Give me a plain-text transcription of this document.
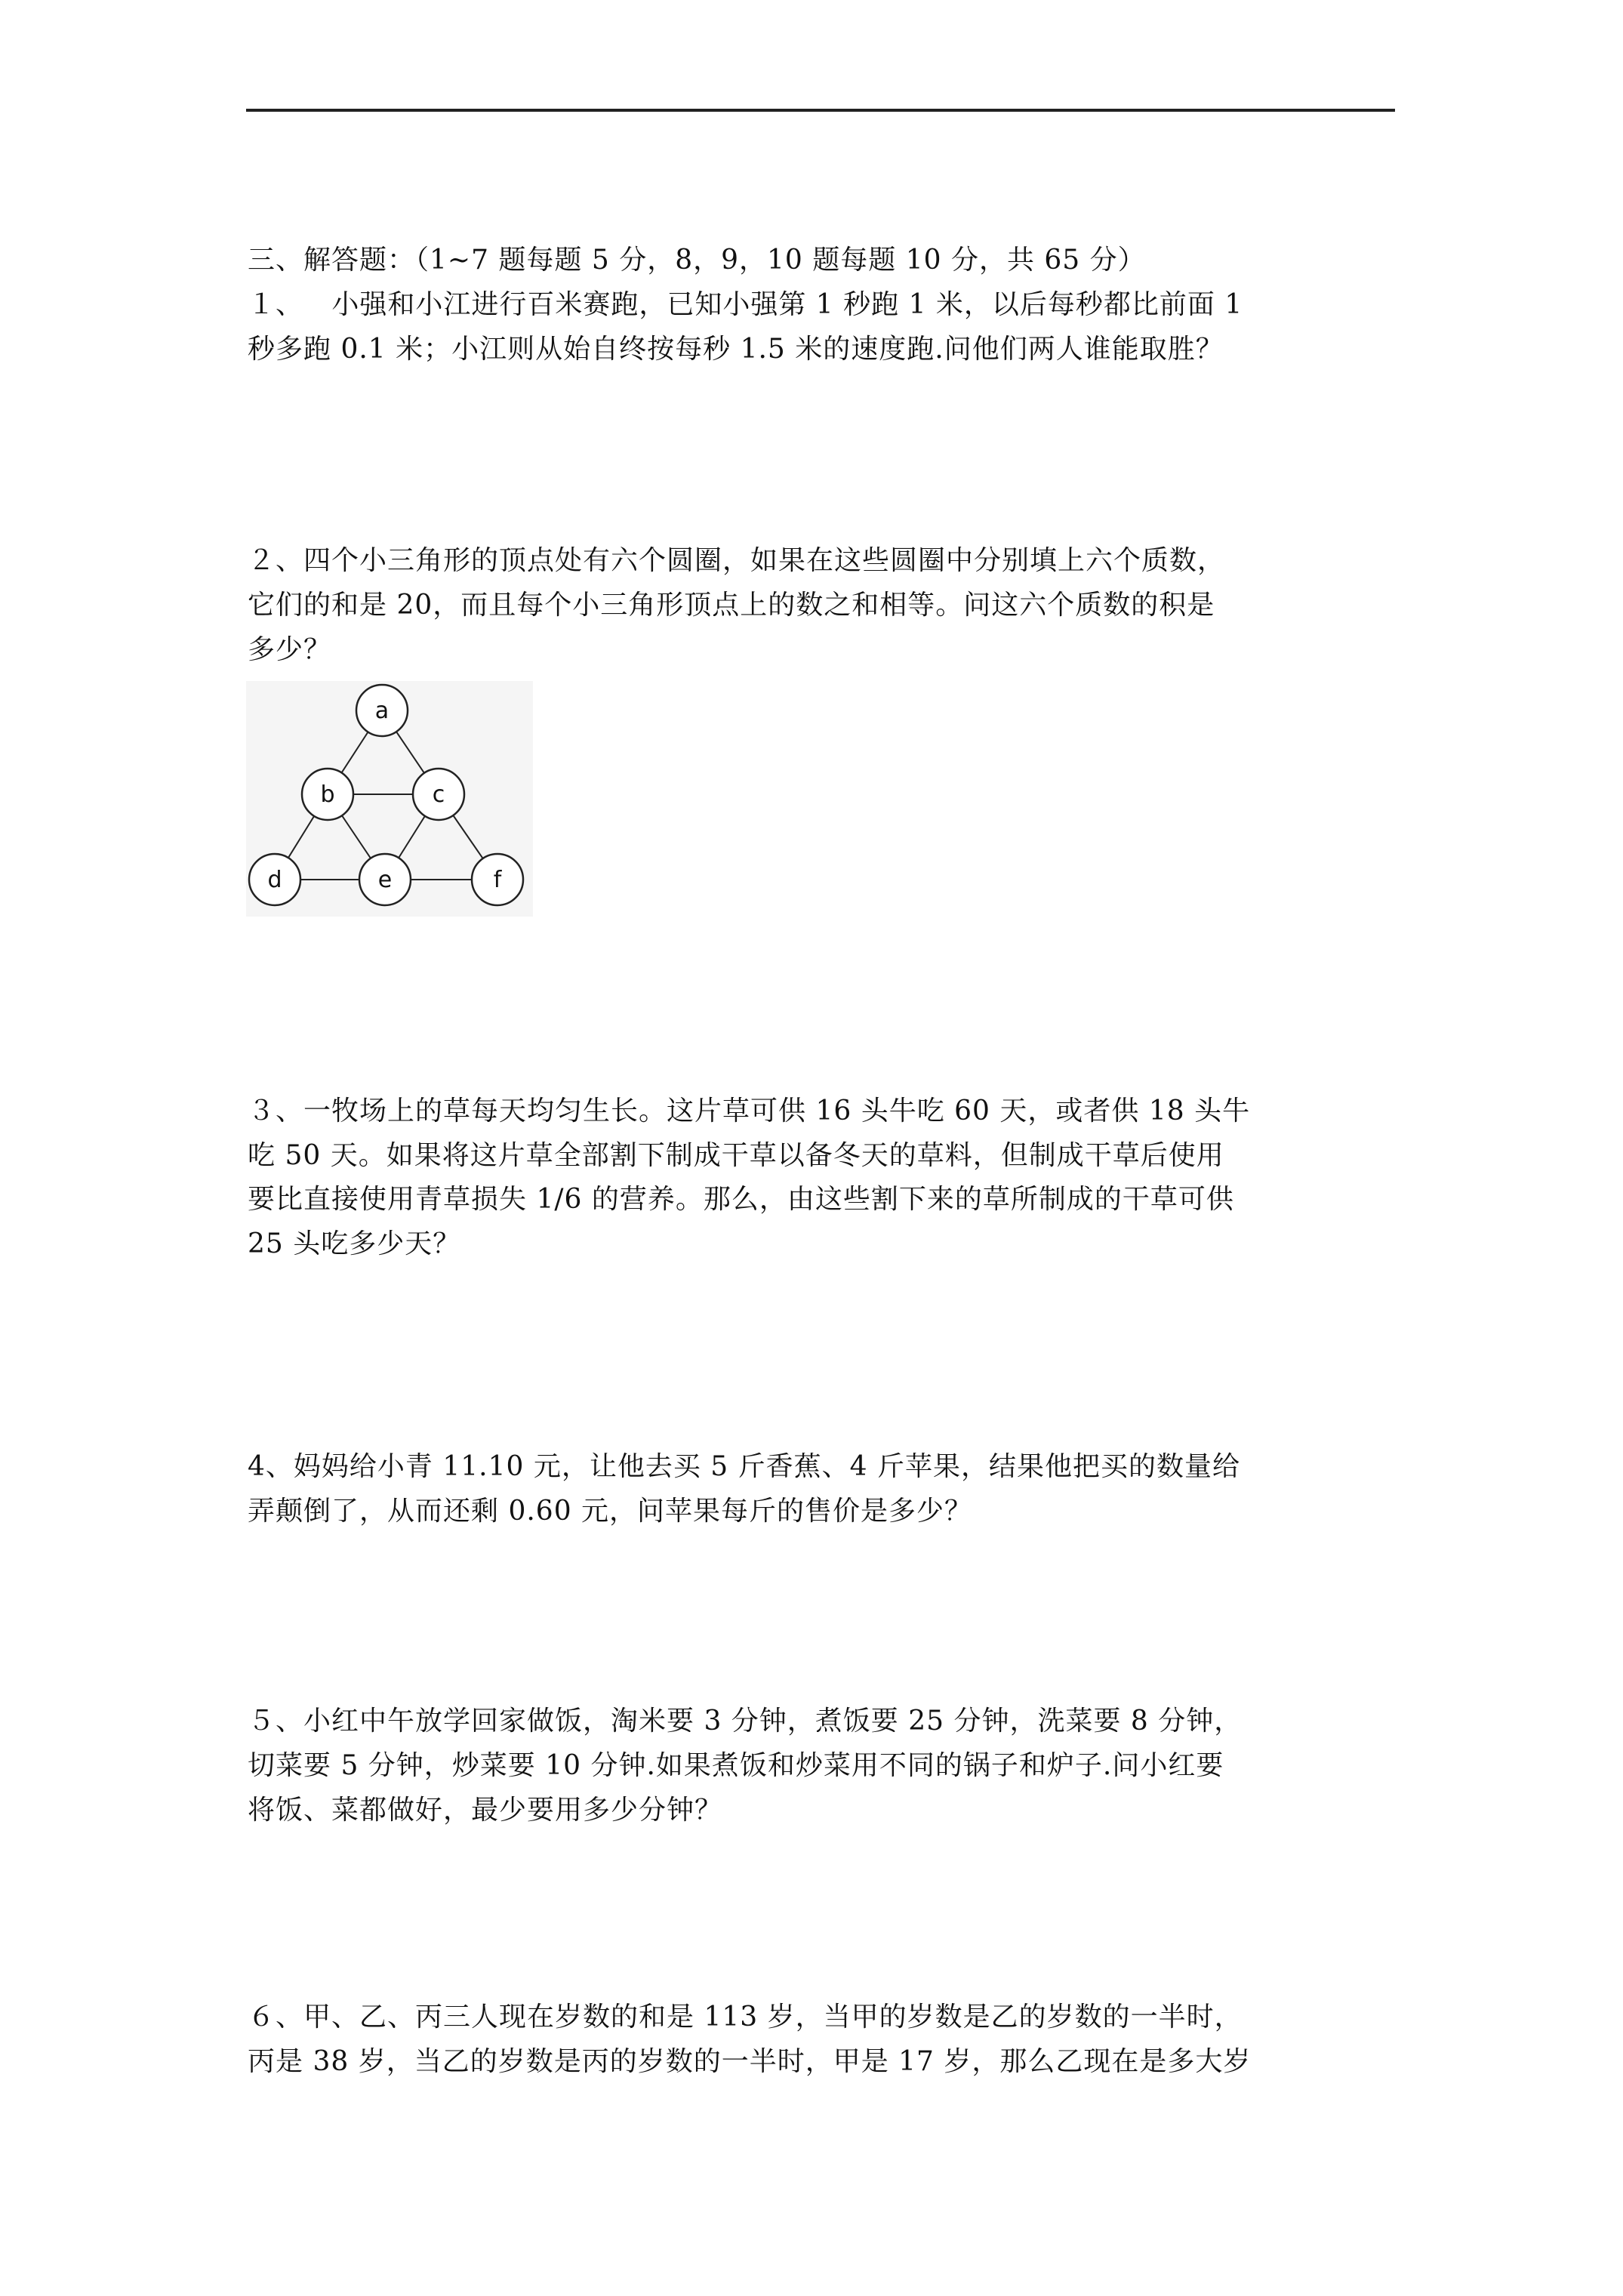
三、解答题：（1~7 题每题 5 分，8，9，10 题每题 10 分，共 65 分）
１、   小强和小江进行百米赛跑，已知小强第 1 秒跑 1 米，以后每秒都比前面 1
秒多跑 0.1 米；小江则从始自终按每秒 1.5 米的速度跑.问他们两人谁能取胜？
２、四个小三角形的顶点处有六个圆圈，如果在这些圆圈中分别填上六个质数，
它们的和是 20，而且每个小三角形顶点上的数之和相等。问这六个质数的积是
多少？
a
b	c
d	e	f
３、一牧场上的草每天均匀生长。这片草可供 16 头牛吃 60 天，或者供 18 头牛
吃 50 天。如果将这片草全部割下制成干草以备冬天的草料，但制成干草后使用
要比直接使用青草损失 1/6 的营养。那么，由这些割下来的草所制成的干草可供
25 头吃多少天？
4、妈妈给小青 11.10 元，让他去买 5 斤香蕉、4 斤苹果，结果他把买的数量给
弄颠倒了，从而还剩 0.60 元，问苹果每斤的售价是多少？
５、小红中午放学回家做饭，淘米要 3 分钟，煮饭要 25 分钟，洗菜要 8 分钟，
切菜要 5 分钟，炒菜要 10 分钟.如果煮饭和炒菜用不同的锅子和炉子.问小红要
将饭、菜都做好，最少要用多少分钟？
６、甲、乙、丙三人现在岁数的和是 113 岁，当甲的岁数是乙的岁数的一半时，
丙是 38 岁，当乙的岁数是丙的岁数的一半时，甲是 17 岁，那么乙现在是多大岁
